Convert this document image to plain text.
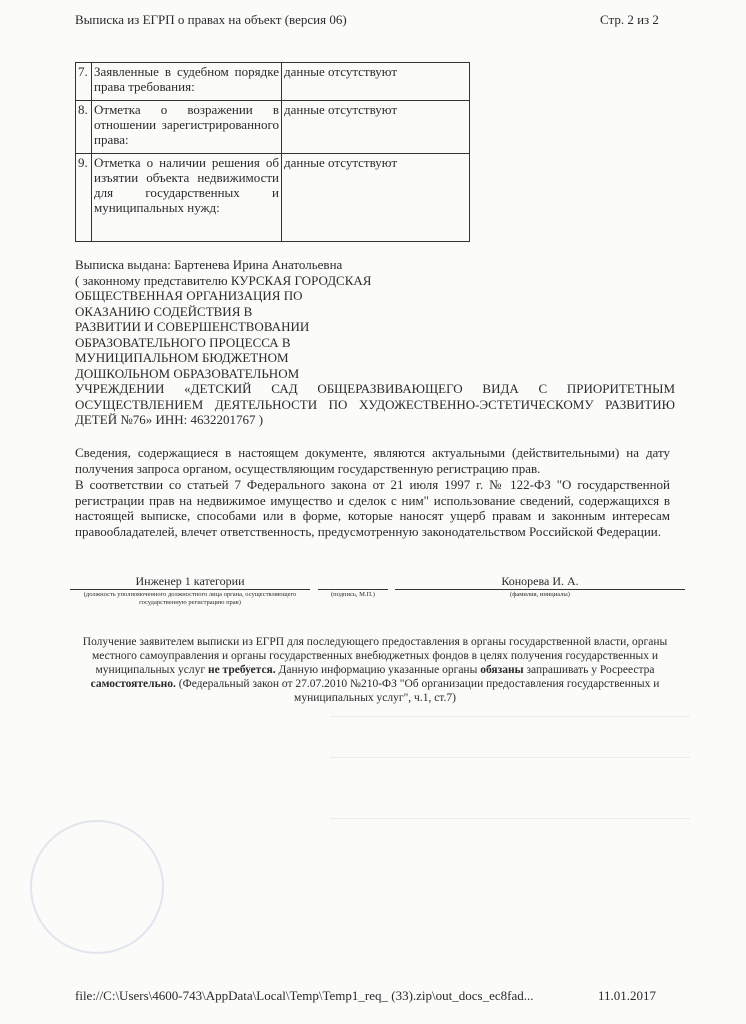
Выписка из ЕГРП о правах на объект (версия 06)	Стр. 2 из 2
7.	Заявленные в судебном порядке права требования:	данные отсутствуют
8.	Отметка о возражении в отношении зарегистрированного права:	данные отсутствуют
9.	Отметка о наличии решения об изъятии объекта недвижимости для государственных и муниципальных нужд:	данные отсутствуют
Выписка выдана: Бартенева Ирина Анатольевна
( законному представителю КУРСКАЯ ГОРОДСКАЯ
ОБЩЕСТВЕННАЯ ОРГАНИЗАЦИЯ ПО
ОКАЗАНИЮ СОДЕЙСТВИЯ В
РАЗВИТИИ И СОВЕРШЕНСТВОВАНИИ
ОБРАЗОВАТЕЛЬНОГО ПРОЦЕССА В
МУНИЦИПАЛЬНОМ БЮДЖЕТНОМ
ДОШКОЛЬНОМ ОБРАЗОВАТЕЛЬНОМ
УЧРЕЖДЕНИИ «ДЕТСКИЙ САД ОБЩЕРАЗВИВАЮЩЕГО ВИДА С ПРИОРИТЕТНЫМ ОСУЩЕСТВЛЕНИЕМ ДЕЯТЕЛЬНОСТИ ПО ХУДОЖЕСТВЕННО-ЭСТЕТИЧЕСКОМУ РАЗВИТИЮ ДЕТЕЙ №76» ИНН: 4632201767 )
Сведения, содержащиеся в настоящем документе, являются актуальными (действительными) на дату получения запроса органом, осуществляющим государственную регистрацию прав.
В соответствии со статьей 7 Федерального закона от 21 июля 1997 г. № 122-ФЗ "О государственной регистрации прав на недвижимое имущество и сделок с ним" использование сведений, содержащихся в настоящей выписке, способами или в форме, которые наносят ущерб правам и законным интересам правообладателей, влечет ответственность, предусмотренную законодательством Российской Федерации.
Инженер 1 категории
(должность уполномоченного должностного лица органа, осуществляющего государственную регистрацию прав)
(подпись, М.П.)
Конорева И. А.
(фамилия, инициалы)
Получение заявителем выписки из ЕГРП для последующего предоставления в органы государственной власти, органы местного самоуправления и органы государственных внебюджетных фондов в целях получения государственных и муниципальных услуг не требуется. Данную информацию указанные органы обязаны запрашивать у Росреестра самостоятельно. (Федеральный закон от 27.07.2010 №210-ФЗ "Об организации предоставления государственных и муниципальных услуг", ч.1, ст.7)
file://C:\Users\4600-743\AppData\Local\Temp\Temp1_req_ (33).zip\out_docs_ec8fad...	11.01.2017
